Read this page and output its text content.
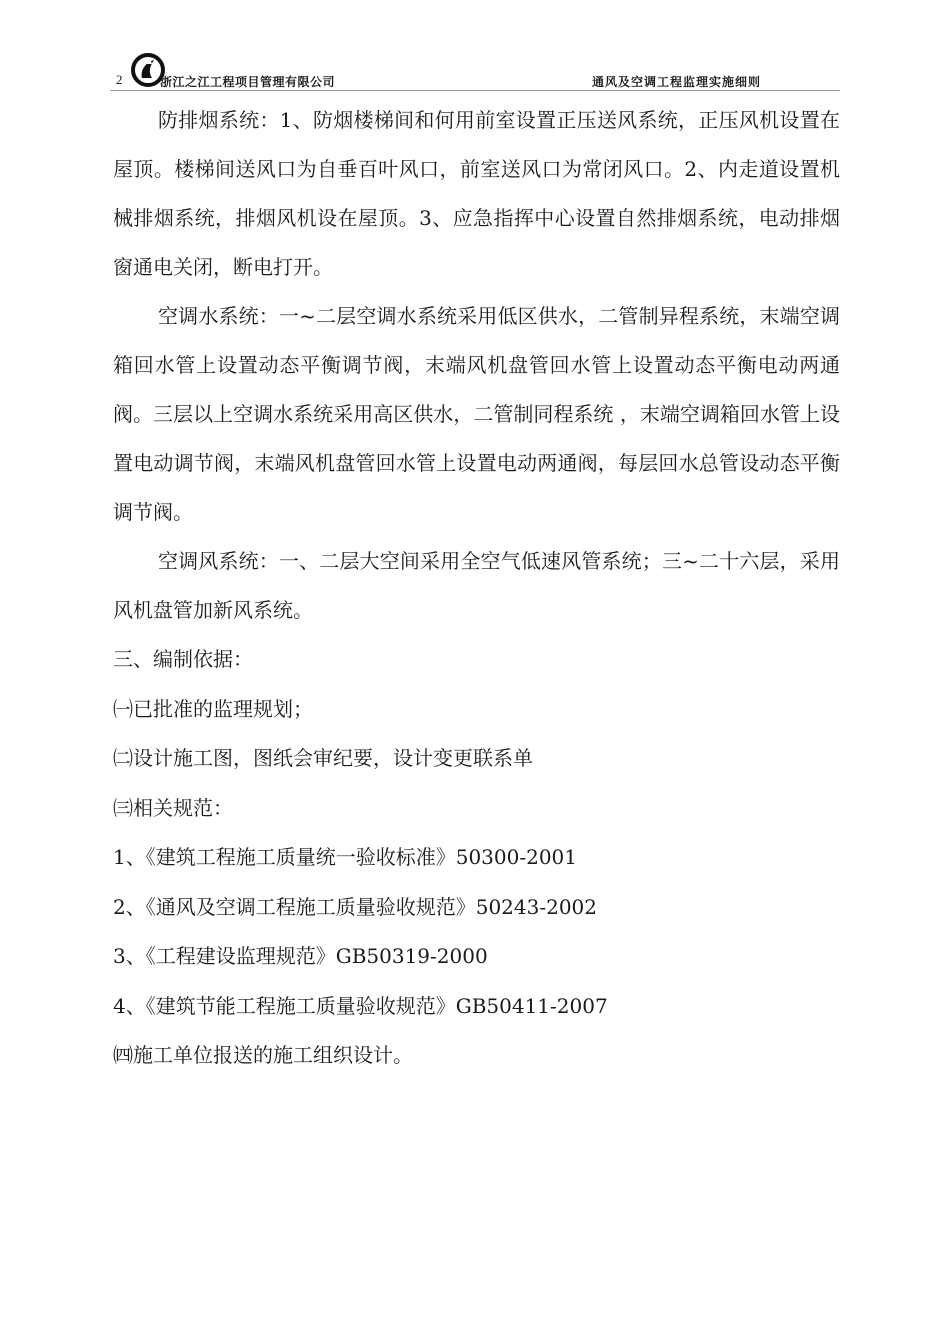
2	浙江之江工程项目管理有限公司	通风及空调工程监理实施细则

防排烟系统：1、防烟楼梯间和何用前室设置正压送风系统，正压风机设置在屋顶。楼梯间送风口为自垂百叶风口，前室送风口为常闭风口。2、内走道设置机械排烟系统，排烟风机设在屋顶。3、应急指挥中心设置自然排烟系统，电动排烟窗通电关闭，断电打开。

空调水系统：一~二层空调水系统采用低区供水，二管制异程系统，末端空调箱回水管上设置动态平衡调节阀，末端风机盘管回水管上设置动态平衡电动两通阀。三层以上空调水系统采用高区供水，二管制同程系统 ，末端空调箱回水管上设置电动调节阀，末端风机盘管回水管上设置电动两通阀，每层回水总管设动态平衡调节阀。

空调风系统：一、二层大空间采用全空气低速风管系统；三~二十六层，采用风机盘管加新风系统。

三、编制依据：

㈠已批准的监理规划；

㈡设计施工图，图纸会审纪要，设计变更联系单

㈢相关规范：

1、《建筑工程施工质量统一验收标准》50300-2001

2、《通风及空调工程施工质量验收规范》50243-2002

3、《工程建设监理规范》GB50319-2000

4、《建筑节能工程施工质量验收规范》GB50411-2007

㈣施工单位报送的施工组织设计。
